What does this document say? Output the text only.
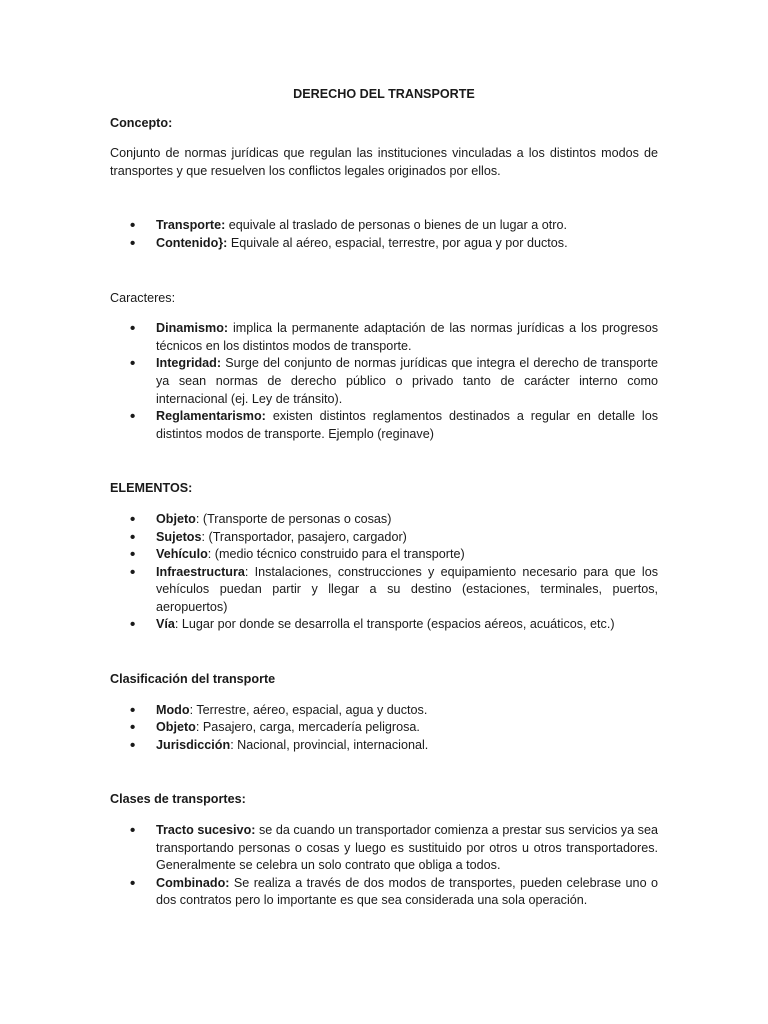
DERECHO DEL TRANSPORTE

Concepto:

Conjunto de normas jurídicas que regulan las instituciones vinculadas a los distintos modos de transportes y que resuelven los conflictos legales originados por ellos.

• Transporte: equivale al traslado de personas o bienes de un lugar a otro.
• Contenido}: Equivale al aéreo, espacial, terrestre, por agua y por ductos.

Caracteres:

• Dinamismo: implica la permanente adaptación de las normas jurídicas a los progresos técnicos en los distintos modos de transporte.
• Integridad: Surge del conjunto de normas jurídicas que integra el derecho de transporte ya sean normas de derecho público o privado tanto de carácter interno como internacional (ej. Ley de tránsito).
• Reglamentarismo: existen distintos reglamentos destinados a regular en detalle los distintos modos de transporte. Ejemplo (reginave)

ELEMENTOS:

• Objeto: (Transporte de personas o cosas)
• Sujetos: (Transportador, pasajero, cargador)
• Vehículo: (medio técnico construido para el transporte)
• Infraestructura: Instalaciones, construcciones y equipamiento necesario para que los vehículos puedan partir y llegar a su destino (estaciones, terminales, puertos, aeropuertos)
• Vía: Lugar por donde se desarrolla el transporte (espacios aéreos, acuáticos, etc.)

Clasificación del transporte

• Modo: Terrestre, aéreo, espacial, agua y ductos.
• Objeto: Pasajero, carga, mercadería peligrosa.
• Jurisdicción: Nacional, provincial, internacional.

Clases de transportes:

• Tracto sucesivo: se da cuando un transportador comienza a prestar sus servicios ya sea transportando personas o cosas y luego es sustituido por otros u otros transportadores. Generalmente se celebra un solo contrato que obliga a todos.
• Combinado: Se realiza a través de dos modos de transportes, pueden celebrase uno o dos contratos pero lo importante es que sea considerada una sola operación.
